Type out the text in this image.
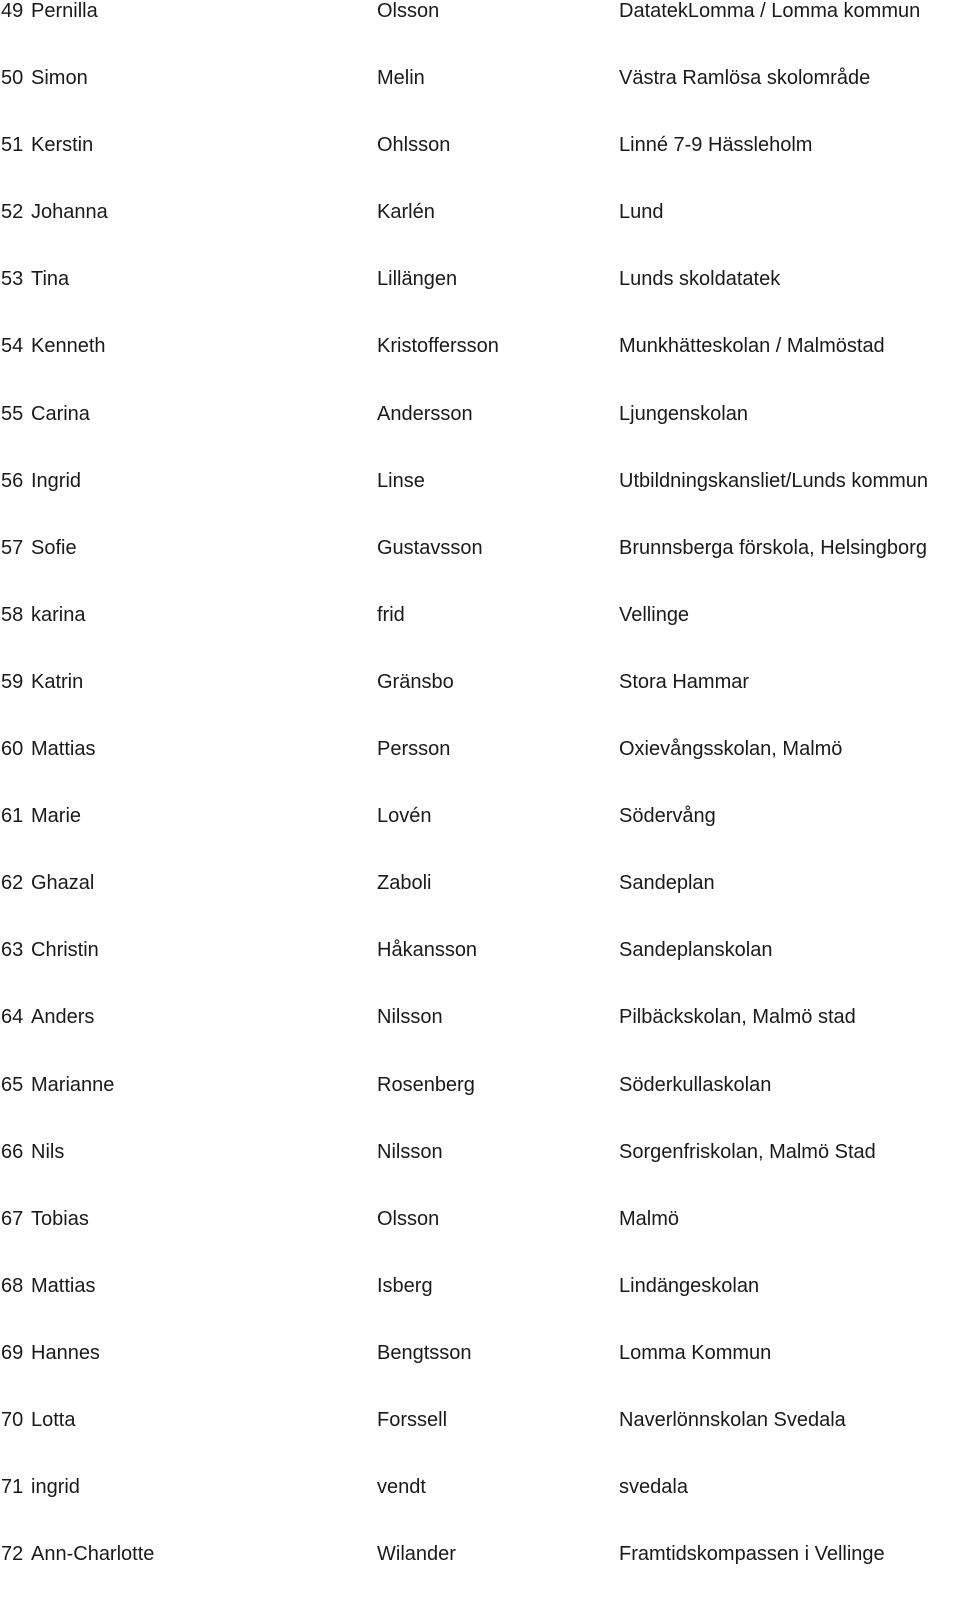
49 Pernilla	Olsson	DatatekLomma / Lomma kommun
50 Simon	Melin	Västra Ramlösa skolområde
51 Kerstin	Ohlsson	Linné 7-9 Hässleholm
52 Johanna	Karlén	Lund
53 Tina	Lillängen	Lunds skoldatatek
54 Kenneth	Kristoffersson	Munkhätteskolan / Malmöstad
55 Carina	Andersson	Ljungenskolan
56 Ingrid	Linse	Utbildningskansliet/Lunds kommun
57 Sofie	Gustavsson	Brunnsberga förskola, Helsingborg
58 karina	frid	Vellinge
59 Katrin	Gränsbo	Stora Hammar
60 Mattias	Persson	Oxievångsskolan, Malmö
61 Marie	Lovén	Södervång
62 Ghazal	Zaboli	Sandeplan
63 Christin	Håkansson	Sandeplanskolan
64 Anders	Nilsson	Pilbäckskolan, Malmö stad
65 Marianne	Rosenberg	Söderkullaskolan
66 Nils	Nilsson	Sorgenfriskolan, Malmö Stad
67 Tobias	Olsson	Malmö
68 Mattias	Isberg	Lindängeskolan
69 Hannes	Bengtsson	Lomma Kommun
70 Lotta	Forssell	Naverlönnskolan Svedala
71 ingrid	vendt	svedala
72 Ann-Charlotte	Wilander	Framtidskompassen i Vellinge
